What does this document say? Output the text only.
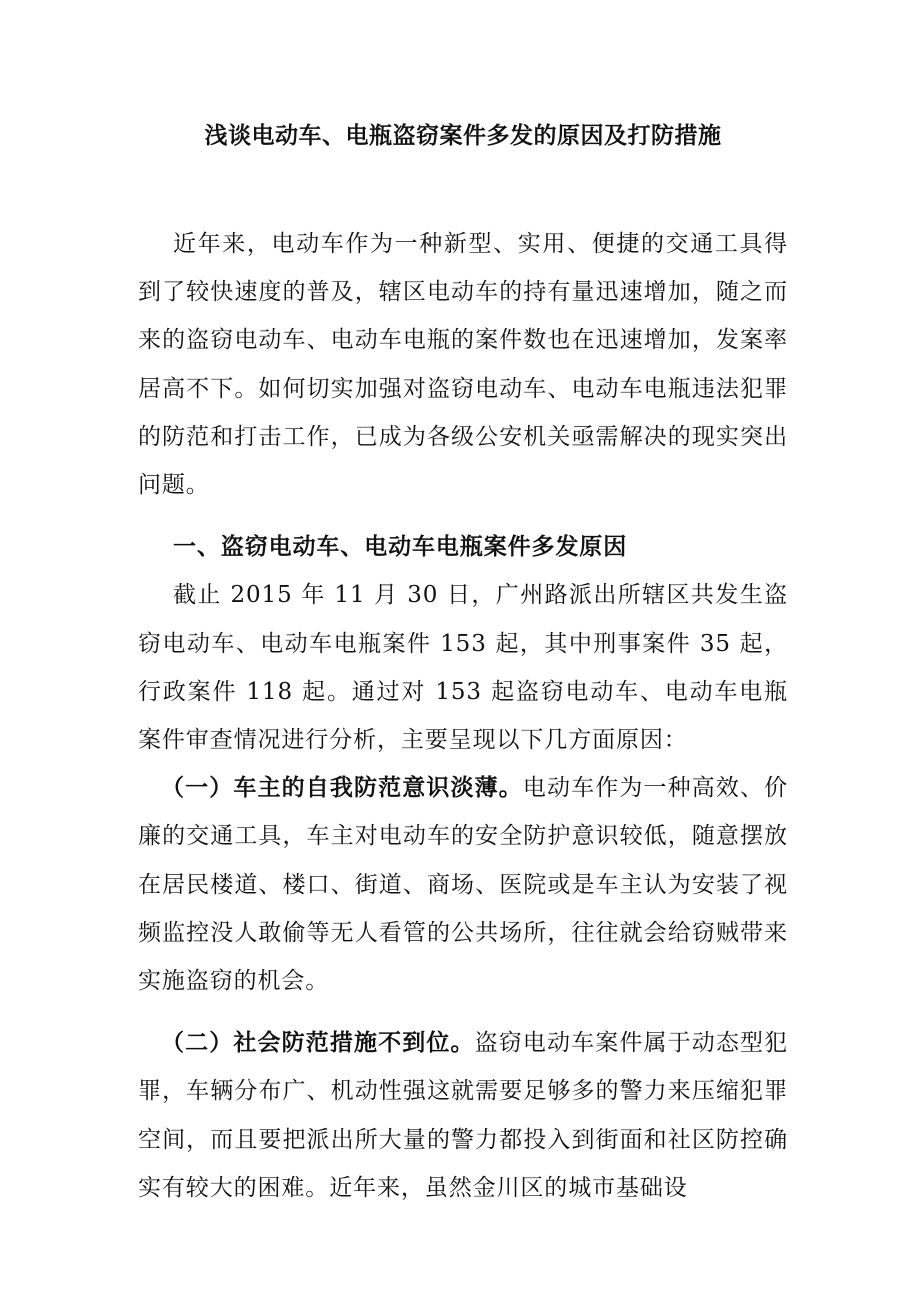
浅谈电动车、电瓶盗窃案件多发的原因及打防措施

近年来，电动车作为一种新型、实用、便捷的交通工具得到了较快速度的普及，辖区电动车的持有量迅速增加，随之而来的盗窃电动车、电动车电瓶的案件数也在迅速增加，发案率居高不下。如何切实加强对盗窃电动车、电动车电瓶违法犯罪的防范和打击工作，已成为各级公安机关亟需解决的现实突出问题。

一、盗窃电动车、电动车电瓶案件多发原因

截止 2015 年 11 月 30 日，广州路派出所辖区共发生盗窃电动车、电动车电瓶案件 153 起，其中刑事案件 35 起，行政案件 118 起。通过对 153 起盗窃电动车、电动车电瓶案件审查情况进行分析，主要呈现以下几方面原因：

（一）车主的自我防范意识淡薄。电动车作为一种高效、价廉的交通工具，车主对电动车的安全防护意识较低，随意摆放在居民楼道、楼口、街道、商场、医院或是车主认为安装了视频监控没人敢偷等无人看管的公共场所，往往就会给窃贼带来实施盗窃的机会。

（二）社会防范措施不到位。盗窃电动车案件属于动态型犯罪，车辆分布广、机动性强这就需要足够多的警力来压缩犯罪空间，而且要把派出所大量的警力都投入到街面和社区防控确实有较大的困难。近年来，虽然金川区的城市基础设
